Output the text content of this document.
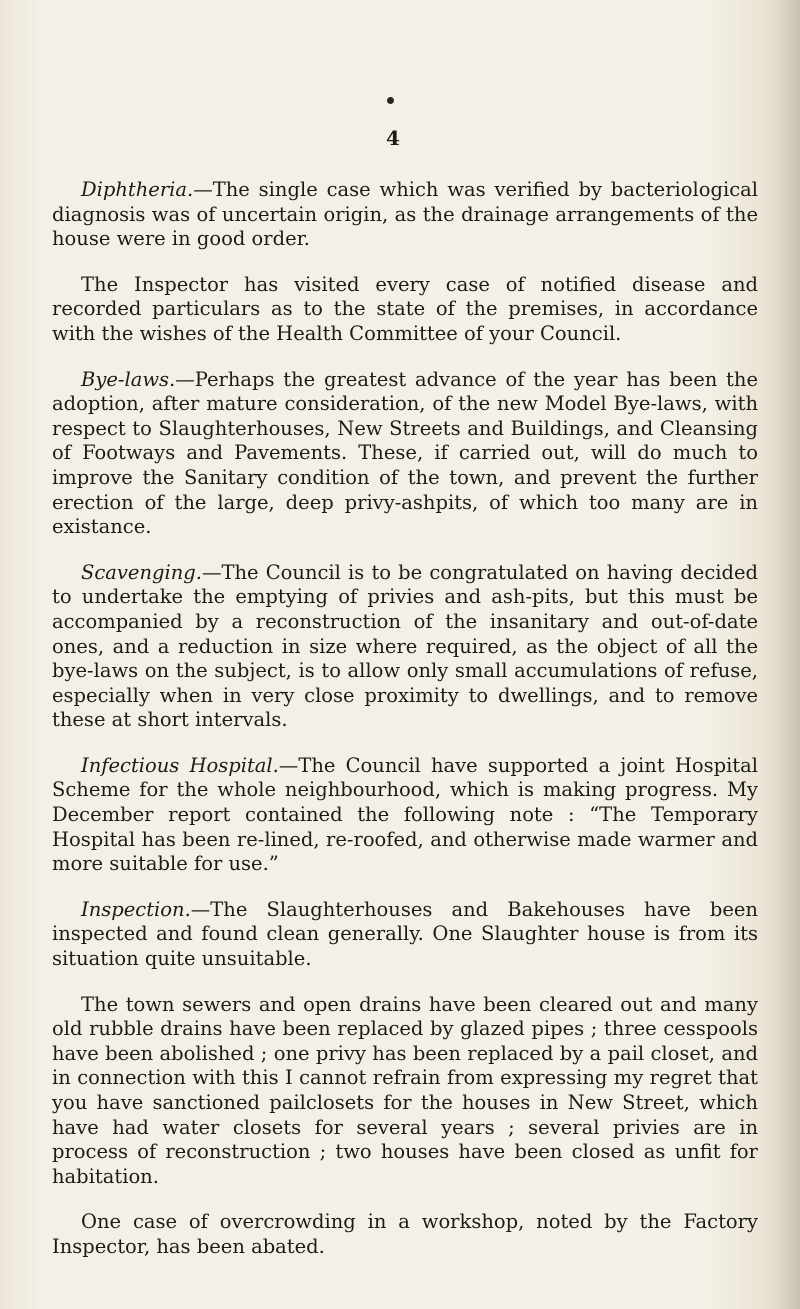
4

Diphtheria.—The single case which was verified by bacteriological diagnosis was of uncertain origin, as the drainage arrangements of the house were in good order.

The Inspector has visited every case of notified disease and recorded particulars as to the state of the premises, in accordance with the wishes of the Health Committee of your Council.

Bye-laws.—Perhaps the greatest advance of the year has been the adoption, after mature consideration, of the new Model Bye-laws, with respect to Slaughterhouses, New Streets and Buildings, and Cleansing of Footways and Pavements. These, if carried out, will do much to improve the Sanitary condition of the town, and prevent the further erection of the large, deep privy-ashpits, of which too many are in existance.

Scavenging.—The Council is to be congratulated on having decided to undertake the emptying of privies and ash-pits, but this must be accompanied by a reconstruction of the insanitary and out-of-date ones, and a reduction in size where required, as the object of all the bye-laws on the subject, is to allow only small accumulations of refuse, especially when in very close proximity to dwellings, and to remove these at short intervals.

Infectious Hospital.—The Council have supported a joint Hospital Scheme for the whole neighbourhood, which is making progress. My December report contained the following note : “The Temporary Hospital has been re-lined, re-roofed, and otherwise made warmer and more suitable for use.”

Inspection.—The Slaughterhouses and Bakehouses have been inspected and found clean generally. One Slaughter house is from its situation quite unsuitable.

The town sewers and open drains have been cleared out and many old rubble drains have been replaced by glazed pipes ; three cesspools have been abolished ; one privy has been replaced by a pail closet, and in connection with this I cannot refrain from expressing my regret that you have sanctioned pailclosets for the houses in New Street, which have had water closets for several years ; several privies are in process of reconstruction ; two houses have been closed as unfit for habitation.

One case of overcrowding in a workshop, noted by the Factory Inspector, has been abated.
